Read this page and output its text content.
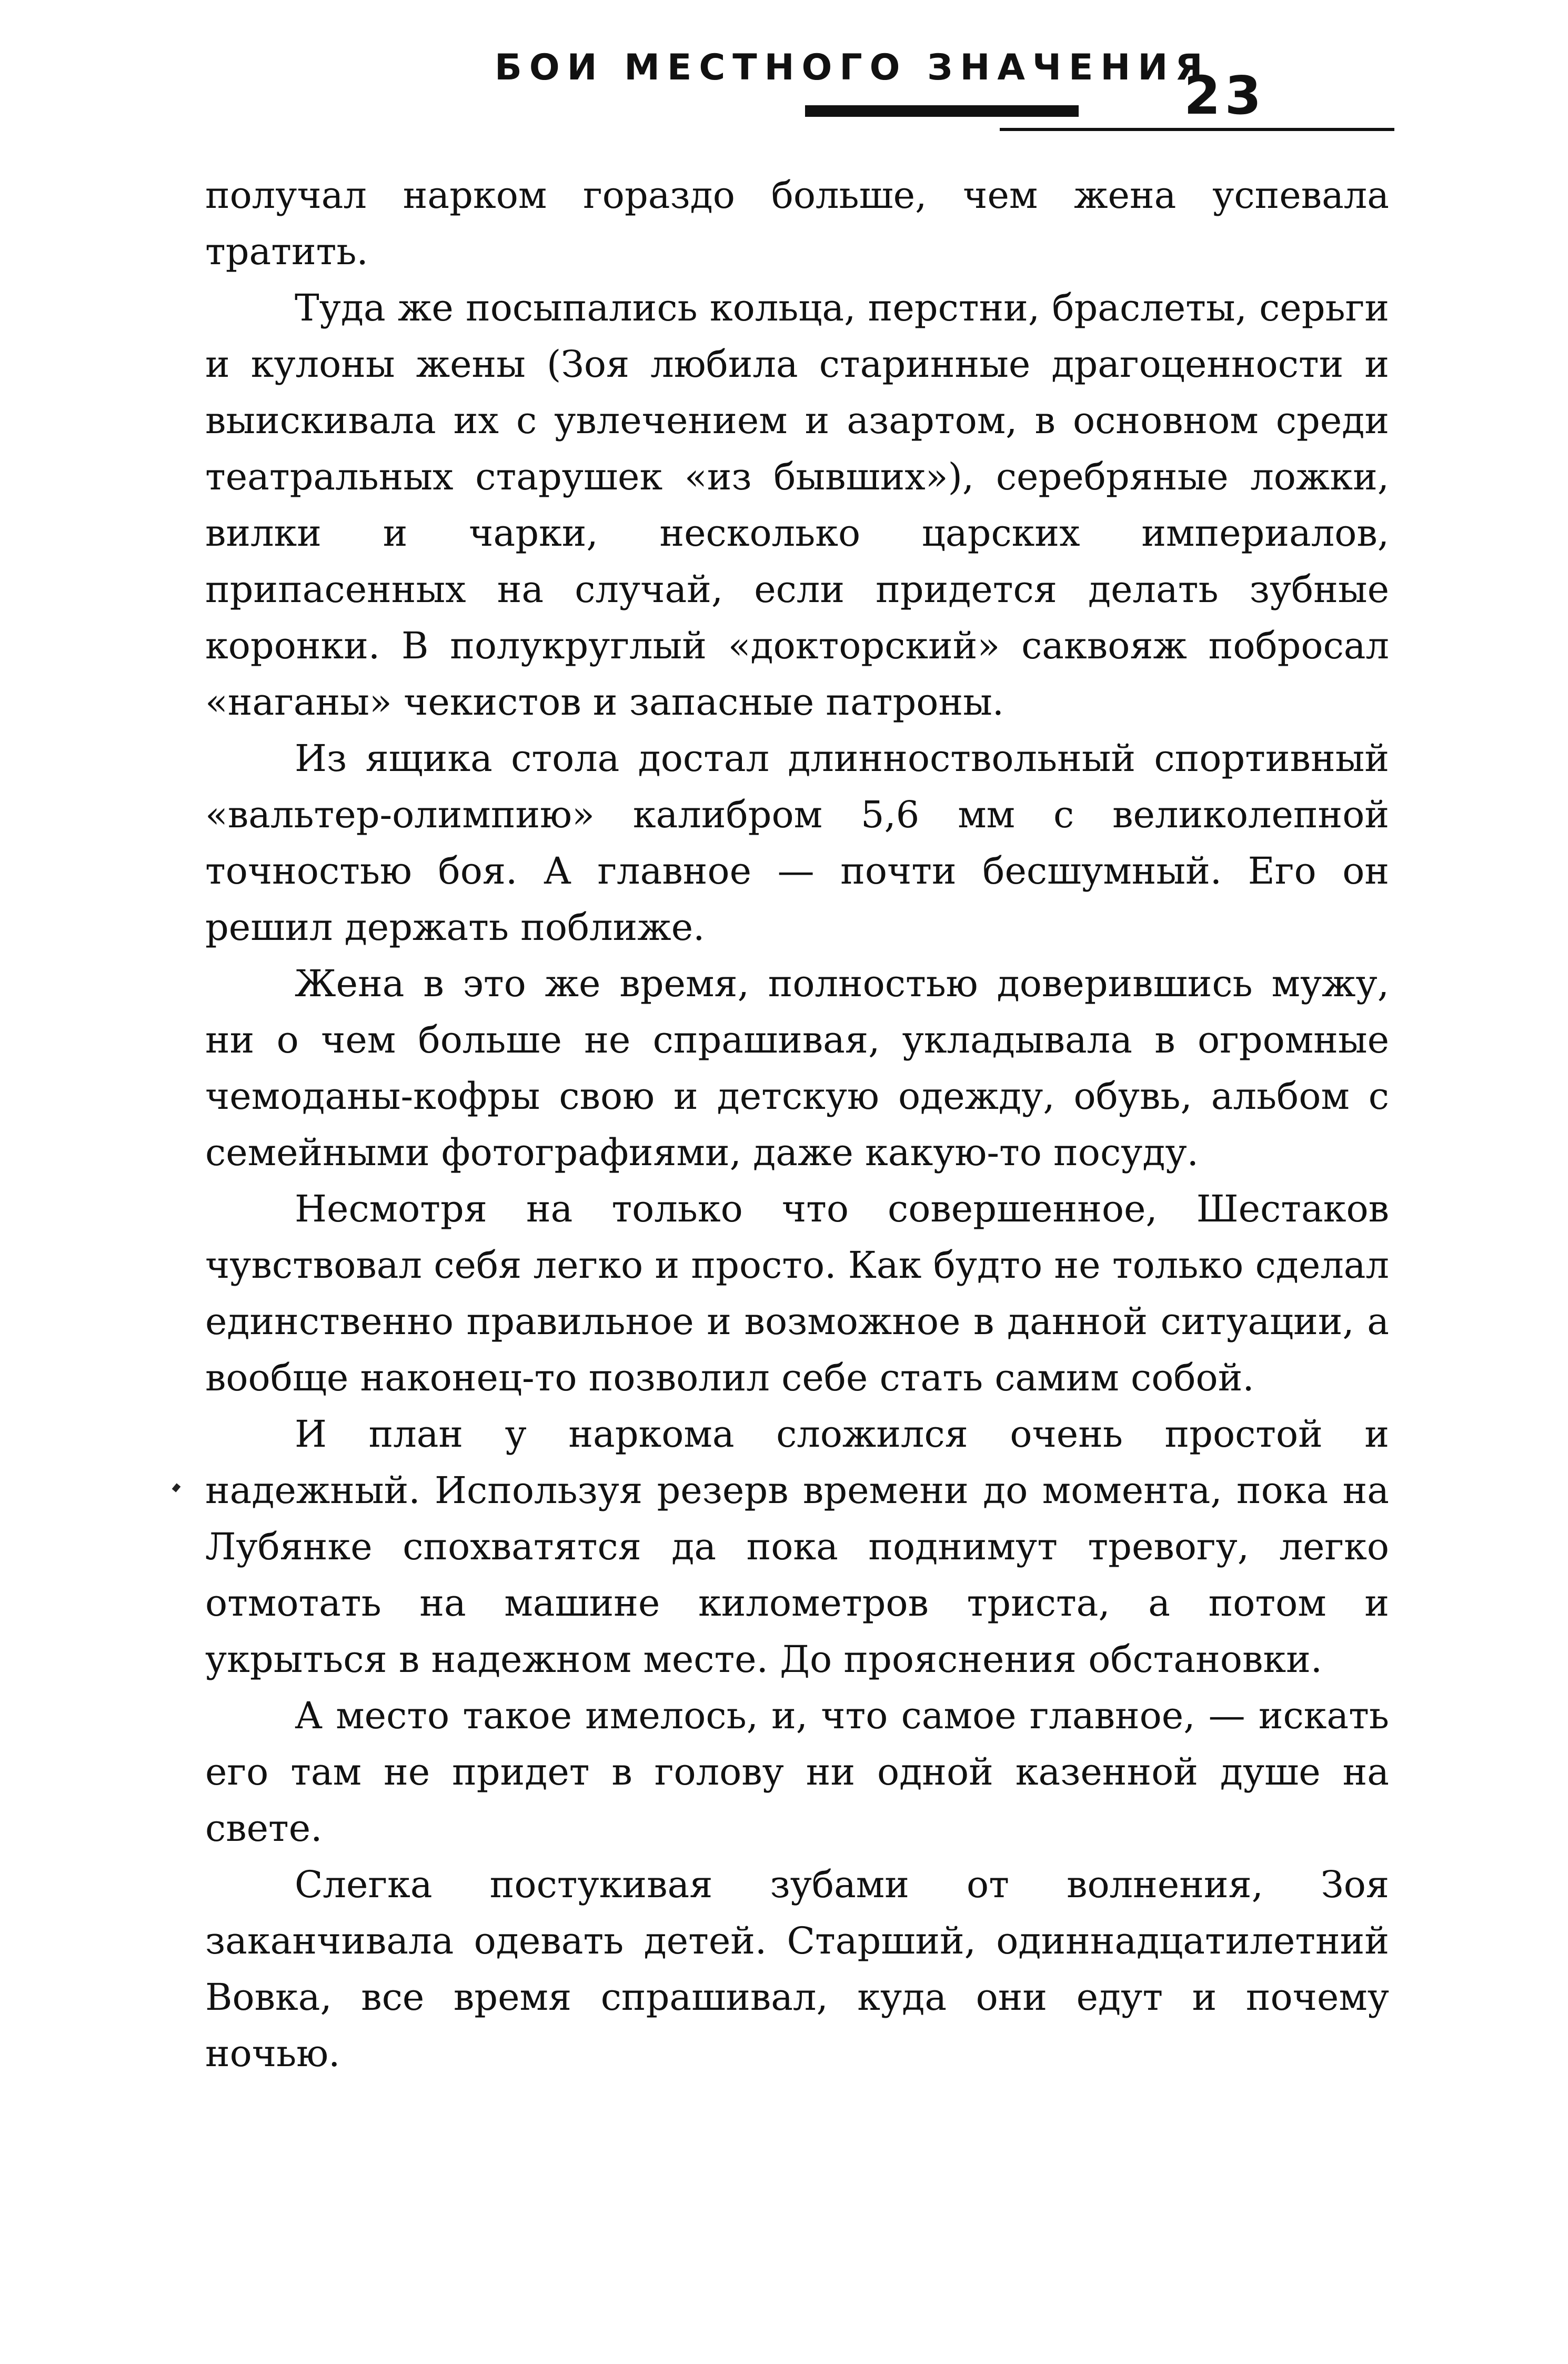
БОИ МЕСТНОГО ЗНАЧЕНИЯ
23

получал нарком гораздо больше, чем жена успевала тратить.

Туда же посыпались кольца, перстни, браслеты, серьги и кулоны жены (Зоя любила старинные драгоценности и выискивала их с увлечением и азартом, в основном среди театральных старушек «из бывших»), серебряные ложки, вилки и чарки, несколько царских империалов, припасенных на случай, если придется делать зубные коронки. В полукруглый «докторский» саквояж побросал «наганы» чекистов и запасные патроны.

Из ящика стола достал длинноствольный спортивный «вальтер-олимпию» калибром 5,6 мм с великолепной точностью боя. А главное — почти бесшумный. Его он решил держать поближе.

Жена в это же время, полностью доверившись мужу, ни о чем больше не спрашивая, укладывала в огромные чемоданы-кофры свою и детскую одежду, обувь, альбом с семейными фотографиями, даже какую-то посуду.

Несмотря на только что совершенное, Шестаков чувствовал себя легко и просто. Как будто не только сделал единственно правильное и возможное в данной ситуации, а вообще наконец-то позволил себе стать самим собой.

И план у наркома сложился очень простой и надежный. Используя резерв времени до момента, пока на Лубянке спохватятся да пока поднимут тревогу, легко отмотать на машине километров триста, а потом и укрыться в надежном месте. До прояснения обстановки.

А место такое имелось, и, что самое главное, — искать его там не придет в голову ни одной казенной душе на свете.

Слегка постукивая зубами от волнения, Зоя заканчивала одевать детей. Старший, одиннадцатилетний Вовка, все время спрашивал, куда они едут и почему ночью.
